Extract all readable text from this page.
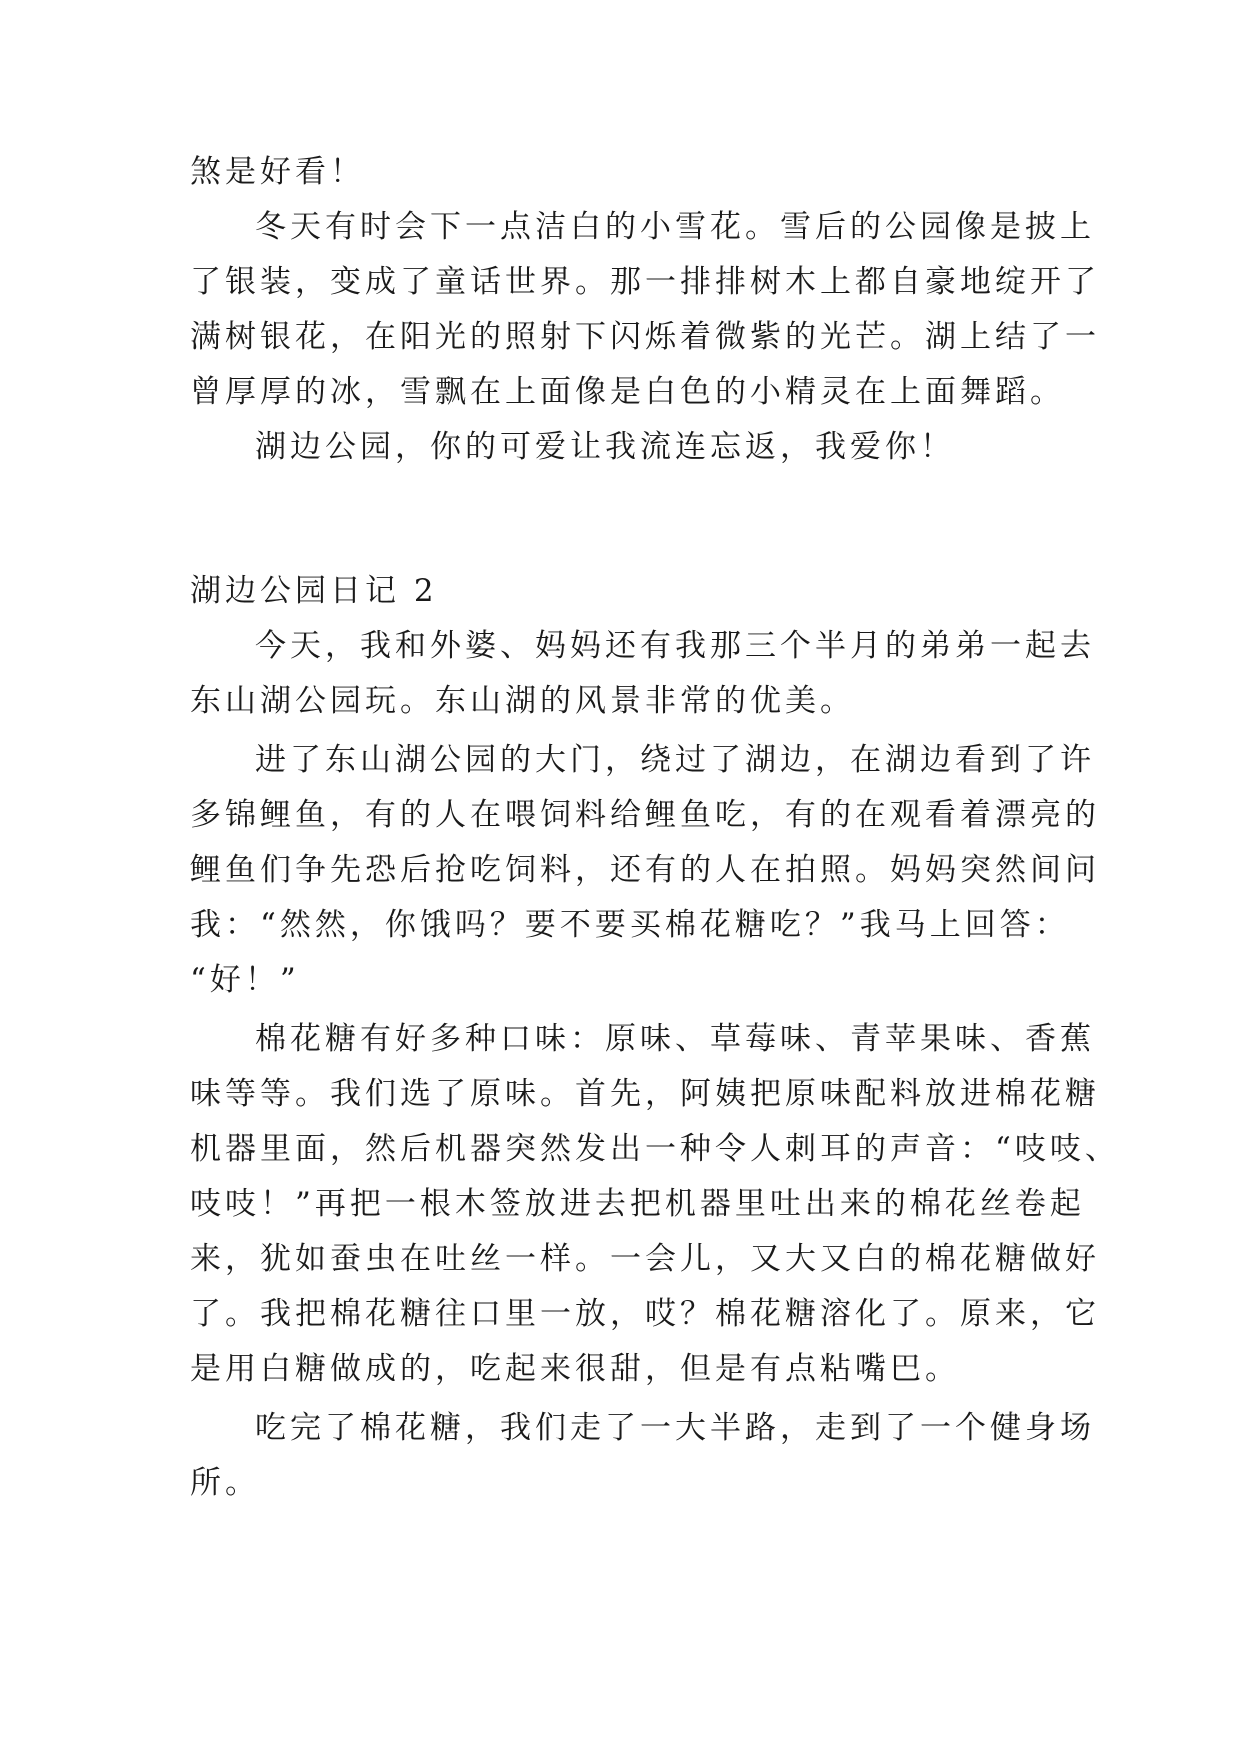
煞是好看！
冬天有时会下一点洁白的小雪花。雪后的公园像是披上
了银装，变成了童话世界。那一排排树木上都自豪地绽开了
满树银花，在阳光的照射下闪烁着微紫的光芒。湖上结了一
曾厚厚的冰，雪飘在上面像是白色的小精灵在上面舞蹈。
湖边公园，你的可爱让我流连忘返，我爱你！
湖边公园日记 2
今天，我和外婆、妈妈还有我那三个半月的弟弟一起去
东山湖公园玩。东山湖的风景非常的优美。
进了东山湖公园的大门，绕过了湖边，在湖边看到了许
多锦鲤鱼，有的人在喂饲料给鲤鱼吃，有的在观看着漂亮的
鲤鱼们争先恐后抢吃饲料，还有的人在拍照。妈妈突然间问
我：“然然，你饿吗？要不要买棉花糖吃？”我马上回答：
“好！”
棉花糖有好多种口味：原味、草莓味、青苹果味、香蕉
味等等。我们选了原味。首先，阿姨把原味配料放进棉花糖
机器里面，然后机器突然发出一种令人刺耳的声音：“吱吱、
吱吱！”再把一根木签放进去把机器里吐出来的棉花丝卷起
来，犹如蚕虫在吐丝一样。一会儿，又大又白的棉花糖做好
了。我把棉花糖往口里一放，哎？棉花糖溶化了。原来，它
是用白糖做成的，吃起来很甜，但是有点粘嘴巴。
吃完了棉花糖，我们走了一大半路，走到了一个健身场
所。
